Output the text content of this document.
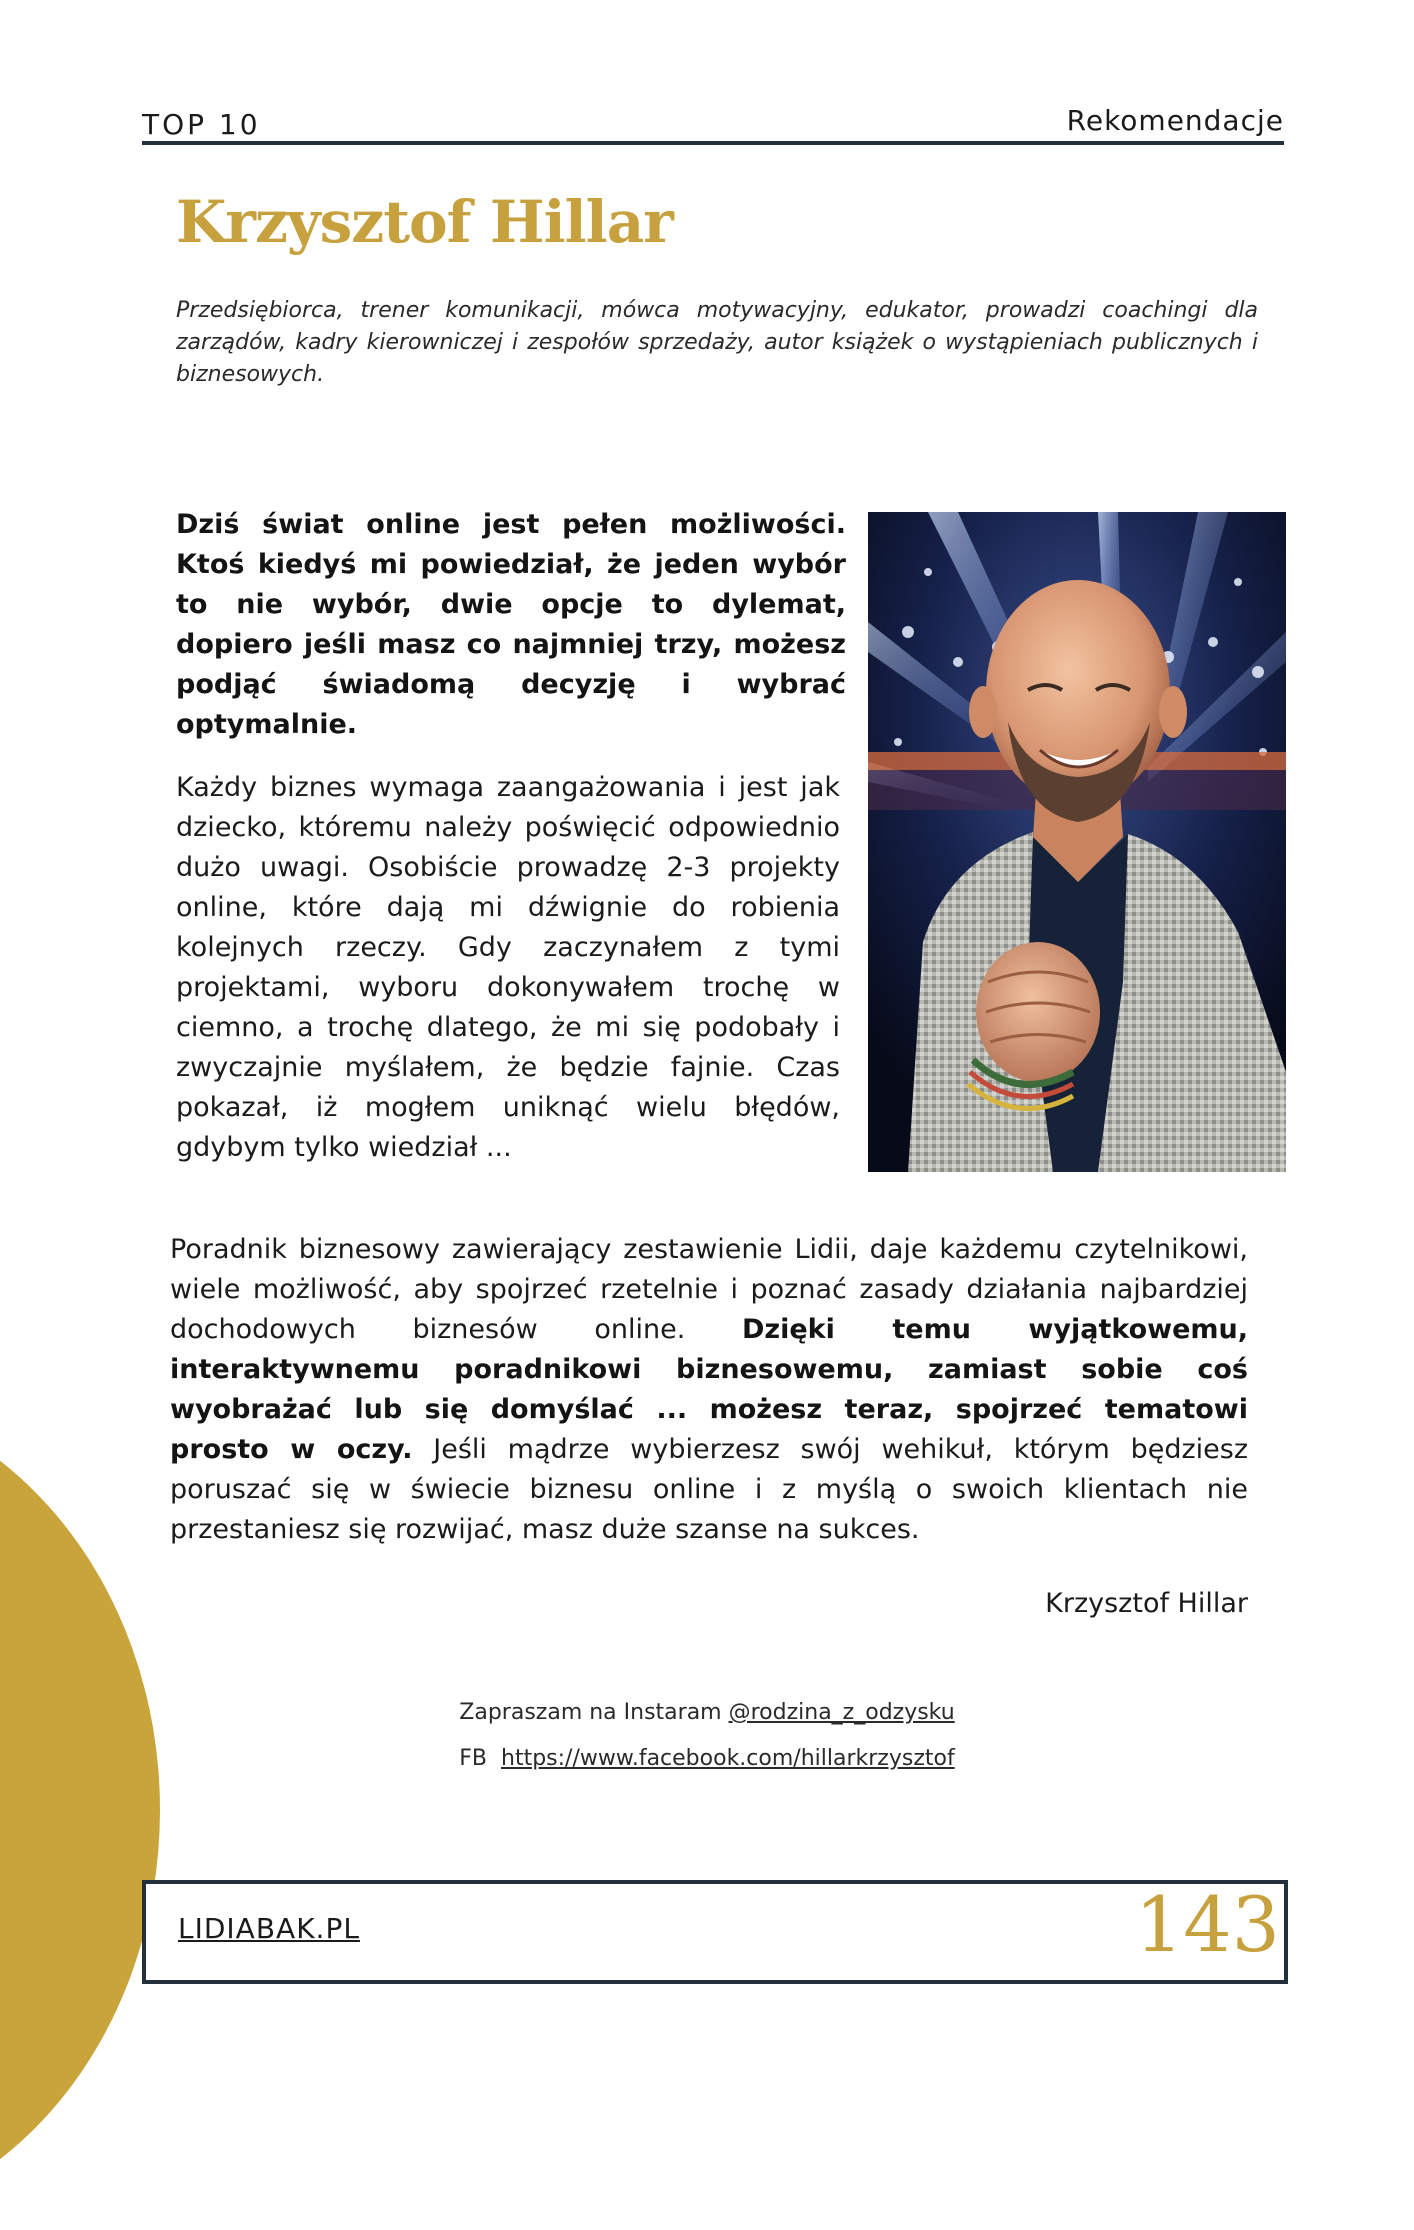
TOP 10	Rekomendacje
Krzysztof Hillar

Przedsiębiorca, trener komunikacji, mówca motywacyjny, edukator, prowadzi coachingi dla zarządów, kadry kierowniczej i zespołów sprzedaży, autor książek o wystąpieniach publicznych i biznesowych.

Dziś świat online jest pełen możliwości. Ktoś kiedyś mi powiedział, że jeden wybór to nie wybór, dwie opcje to dylemat, dopiero jeśli masz co najmniej trzy, możesz podjąć świadomą decyzję i wybrać optymalnie.

Każdy biznes wymaga zaangażowania i jest jak dziecko, któremu należy poświęcić odpowiednio dużo uwagi. Osobiście prowadzę 2-3 projekty online, które dają mi dźwignie do robienia kolejnych rzeczy. Gdy zaczynałem z tymi projektami, wyboru dokonywałem trochę w ciemno, a trochę dlatego, że mi się podobały i zwyczajnie myślałem, że będzie fajnie. Czas pokazał, iż mogłem uniknąć wielu błędów, gdybym tylko wiedział ...

Poradnik biznesowy zawierający zestawienie Lidii, daje każdemu czytelnikowi, wiele możliwość, aby spojrzeć rzetelnie i poznać zasady działania najbardziej dochodowych biznesów online. Dzięki temu wyjątkowemu, interaktywnemu poradnikowi biznesowemu, zamiast sobie coś wyobrażać lub się domyślać ... możesz teraz, spojrzeć tematowi prosto w oczy. Jeśli mądrze wybierzesz swój wehikuł, którym będziesz poruszać się w świecie biznesu online i z myślą o swoich klientach nie przestaniesz się rozwijać, masz duże szanse na sukces.

Krzysztof Hillar
Zapraszam na Instaram @rodzina_z_odzysku
FB  https://www.facebook.com/hillarkrzysztof
LIDIABAK.PL	143
